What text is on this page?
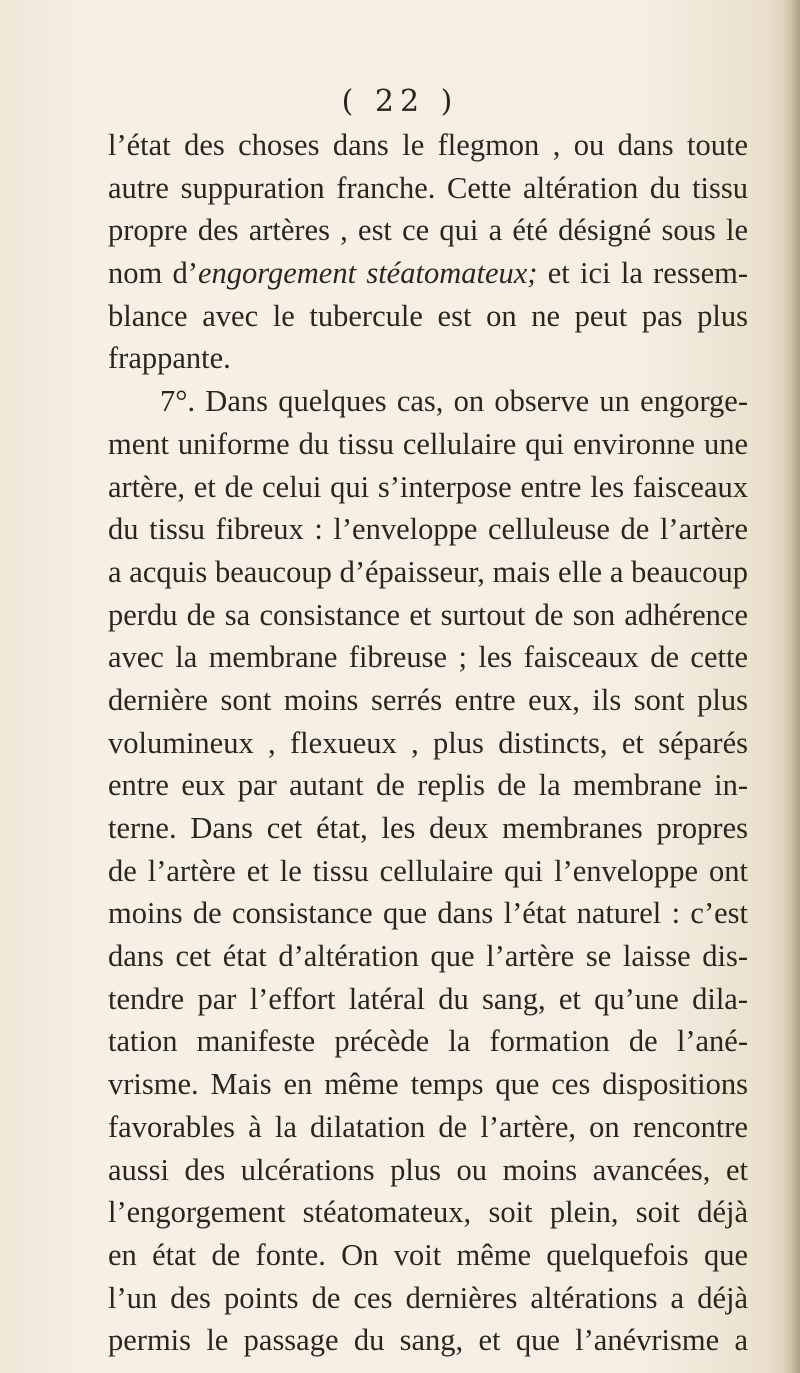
( 22 )
l’état des choses dans le flegmon , ou dans toute
autre suppuration franche. Cette altération du tissu
propre des artères , est ce qui a été désigné sous le
nom d’engorgement stéatomateux; et ici la ressem-
blance avec le tubercule est on ne peut pas plus
frappante.
7°. Dans quelques cas, on observe un engorge-
ment uniforme du tissu cellulaire qui environne une
artère, et de celui qui s’interpose entre les faisceaux
du tissu fibreux : l’enveloppe celluleuse de l’artère
a acquis beaucoup d’épaisseur, mais elle a beaucoup
perdu de sa consistance et surtout de son adhérence
avec la membrane fibreuse ; les faisceaux de cette
dernière sont moins serrés entre eux, ils sont plus
volumineux , flexueux , plus distincts, et séparés
entre eux par autant de replis de la membrane in-
terne. Dans cet état, les deux membranes propres
de l’artère et le tissu cellulaire qui l’enveloppe ont
moins de consistance que dans l’état naturel : c’est
dans cet état d’altération que l’artère se laisse dis-
tendre par l’effort latéral du sang, et qu’une dila-
tation manifeste précède la formation de l’ané-
vrisme. Mais en même temps que ces dispositions
favorables à la dilatation de l’artère, on rencontre
aussi des ulcérations plus ou moins avancées, et
l’engorgement stéatomateux, soit plein, soit déjà
en état de fonte. On voit même quelquefois que
l’un des points de ces dernières altérations a déjà
permis le passage du sang, et que l’anévrisme a
